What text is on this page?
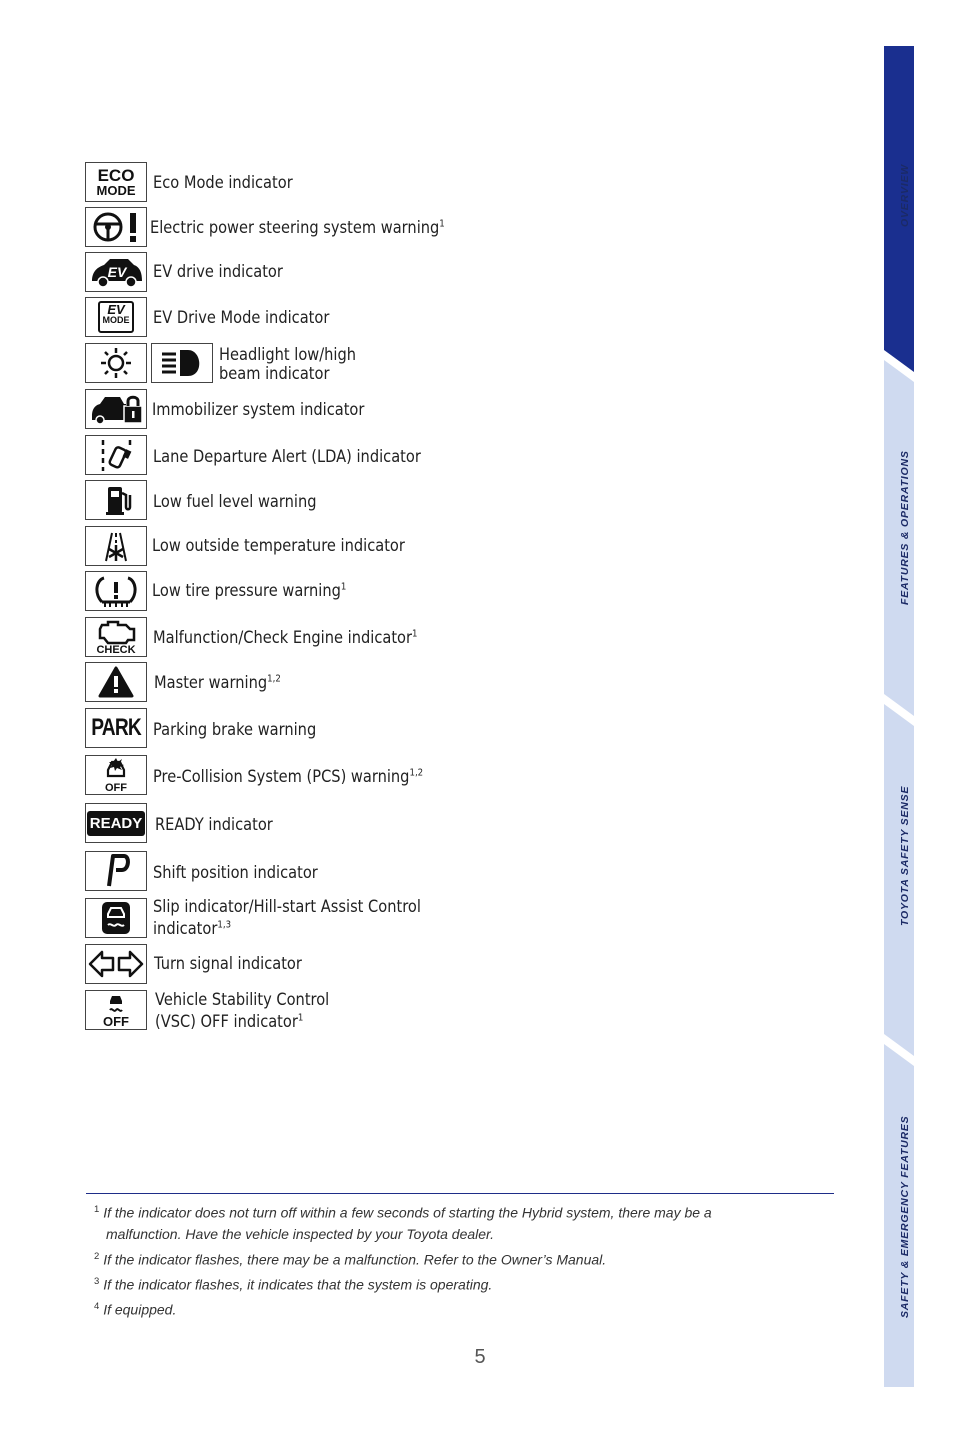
OVERVIEW
FEATURES & OPERATIONS
TOYOTA SAFETY SENSE
SAFETY & EMERGENCY FEATURES
ECO
MODE Eco Mode indicator
Electric power steering system warning$^1$
EV EV drive indicator
EV
MODE EV Drive Mode indicator
Headlight low/high
beam indicator
Immobilizer system indicator
Lane Departure Alert (LDA) indicator
Low fuel level warning
Low outside temperature indicator
Low tire pressure warning$^1$
CHECK
Malfunction/Check Engine indicator$^1$
Master warning$^{1,2}$
PARK Parking brake warning
OFF
Pre-Collision System (PCS) warning$^{1,2}$
READY READY indicator
Shift position indicator
Slip indicator/Hill-start Assist Control
indicator$^{1,3}$
Turn signal indicator
OFF
Vehicle Stability Control
(VSC) OFF indicator$^1$

$^1$ If the indicator does not turn off within a few seconds of starting the Hybrid system, there may be a

malfunction. Have the vehicle inspected by your Toyota dealer.

$^2$ If the indicator flashes, there may be a malfunction. Refer to the Owner’s Manual.

$^3$ If the indicator flashes, it indicates that the system is operating.

$^4$ If equipped.

5
